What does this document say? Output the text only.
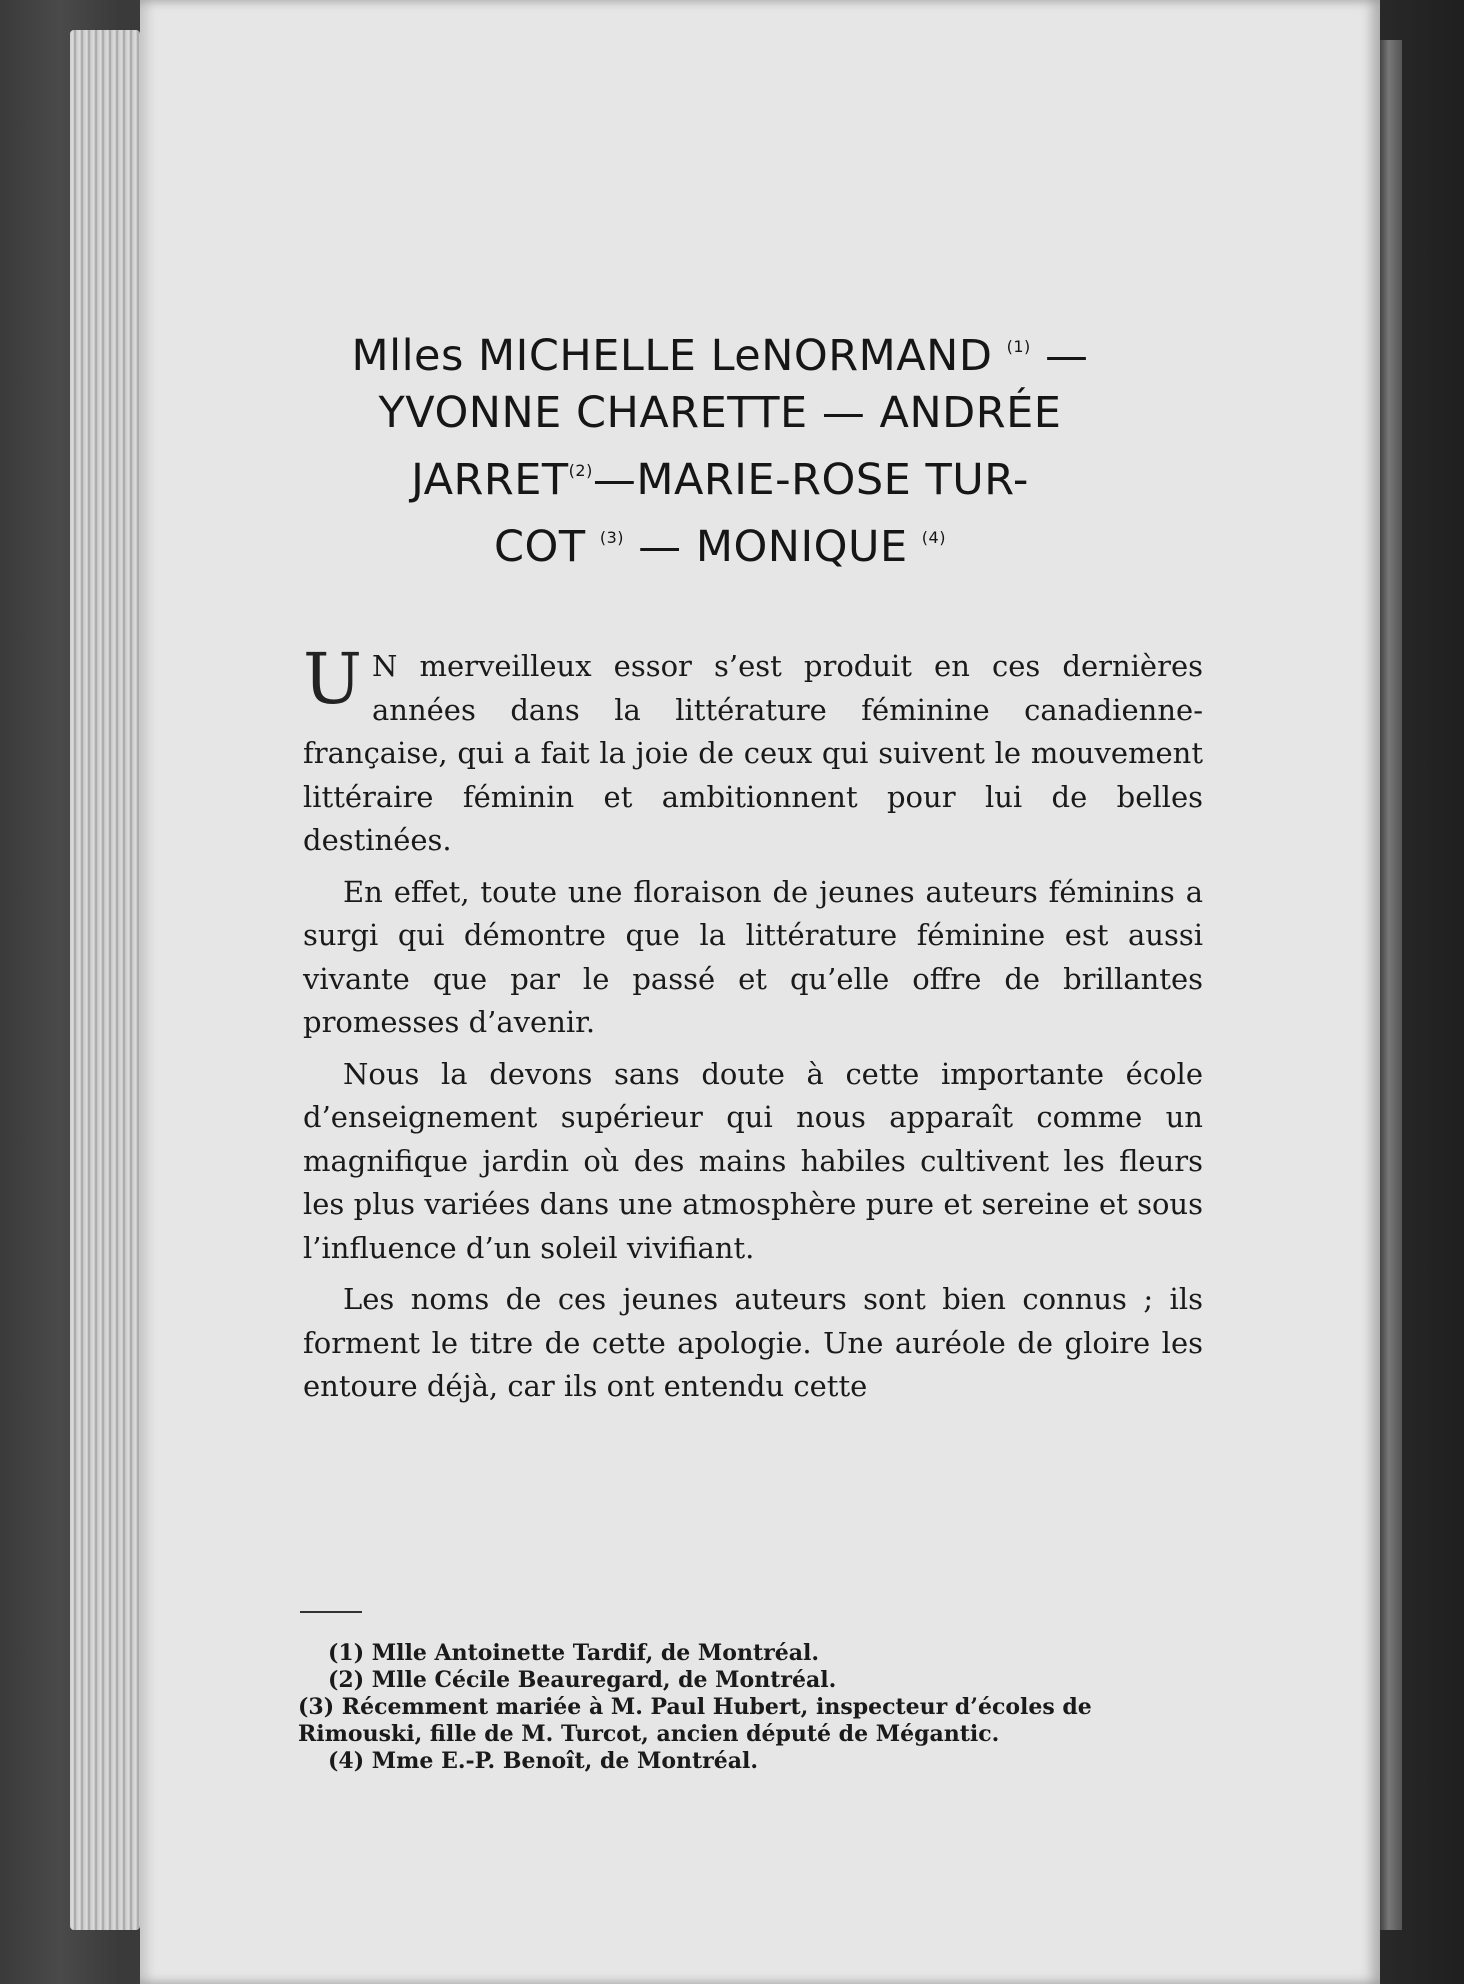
Mlles MICHELLE LeNORMAND $^{(1)}$ —
YVONNE CHARETTE — ANDRÉE
JARRET$^{(2)}$—MARIE-ROSE TUR-
COT $^{(3)}$ — MONIQUE $^{(4)}$

U N merveilleux essor s’est produit en ces dernières années dans la littérature féminine canadienne-française, qui a fait la joie de ceux qui suivent le mouvement littéraire féminin et ambitionnent pour lui de belles destinées.

En effet, toute une floraison de jeunes auteurs féminins a surgi qui démontre que la littérature féminine est aussi vivante que par le passé et qu’elle offre de brillantes promesses d’avenir.

Nous la devons sans doute à cette importante école d’enseignement supérieur qui nous apparaît comme un magnifique jardin où des mains habiles cultivent les fleurs les plus variées dans une atmosphère pure et sereine et sous l’influence d’un soleil vivifiant.

Les noms de ces jeunes auteurs sont bien connus ; ils forment le titre de cette apologie. Une auréole de gloire les entoure déjà, car ils ont entendu cette

(1) Mlle Antoinette Tardif, de Montréal.

(2) Mlle Cécile Beauregard, de Montréal.

(3) Récemment mariée à M. Paul Hubert, inspecteur d’écoles de Rimouski, fille de M. Turcot, ancien député de Mégantic.

(4) Mme E.-P. Benoît, de Montréal.
